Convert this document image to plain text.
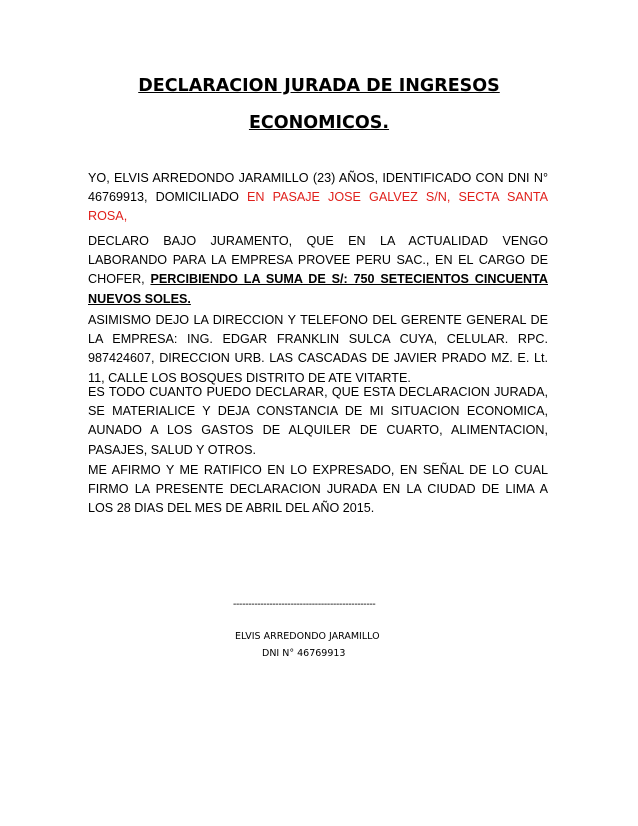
DECLARACION JURADA DE INGRESOS
ECONOMICOS.

YO, ELVIS ARREDONDO JARAMILLO (23) AÑOS, IDENTIFICADO CON DNI N° 46769913, DOMICILIADO EN PASAJE JOSE GALVEZ S/N, SECTA SANTA ROSA,

DECLARO BAJO JURAMENTO, QUE EN LA ACTUALIDAD VENGO LABORANDO PARA LA EMPRESA PROVEE PERU SAC., EN EL CARGO DE CHOFER, PERCIBIENDO LA SUMA DE S/: 750 SETECIENTOS CINCUENTA NUEVOS SOLES.

ASIMISMO DEJO LA DIRECCION Y TELEFONO DEL GERENTE GENERAL DE LA EMPRESA: ING. EDGAR FRANKLIN SULCA CUYA, CELULAR. RPC. 987424607, DIRECCION URB. LAS CASCADAS DE JAVIER PRADO MZ. E. Lt. 11, CALLE LOS BOSQUES DISTRITO DE ATE VITARTE.

ES TODO CUANTO PUEDO DECLARAR, QUE ESTA DECLARACION JURADA, SE MATERIALICE Y DEJA CONSTANCIA DE MI SITUACION ECONOMICA, AUNADO A LOS GASTOS DE ALQUILER DE CUARTO, ALIMENTACION, PASAJES, SALUD Y OTROS.

ME AFIRMO Y ME RATIFICO EN LO EXPRESADO, EN SEÑAL DE LO CUAL FIRMO LA PRESENTE DECLARACION JURADA EN LA CIUDAD DE LIMA A LOS 28 DIAS DEL MES DE ABRIL DEL AÑO 2015.

-----------------------------------------------
ELVIS ARREDONDO JARAMILLO
DNI N° 46769913
